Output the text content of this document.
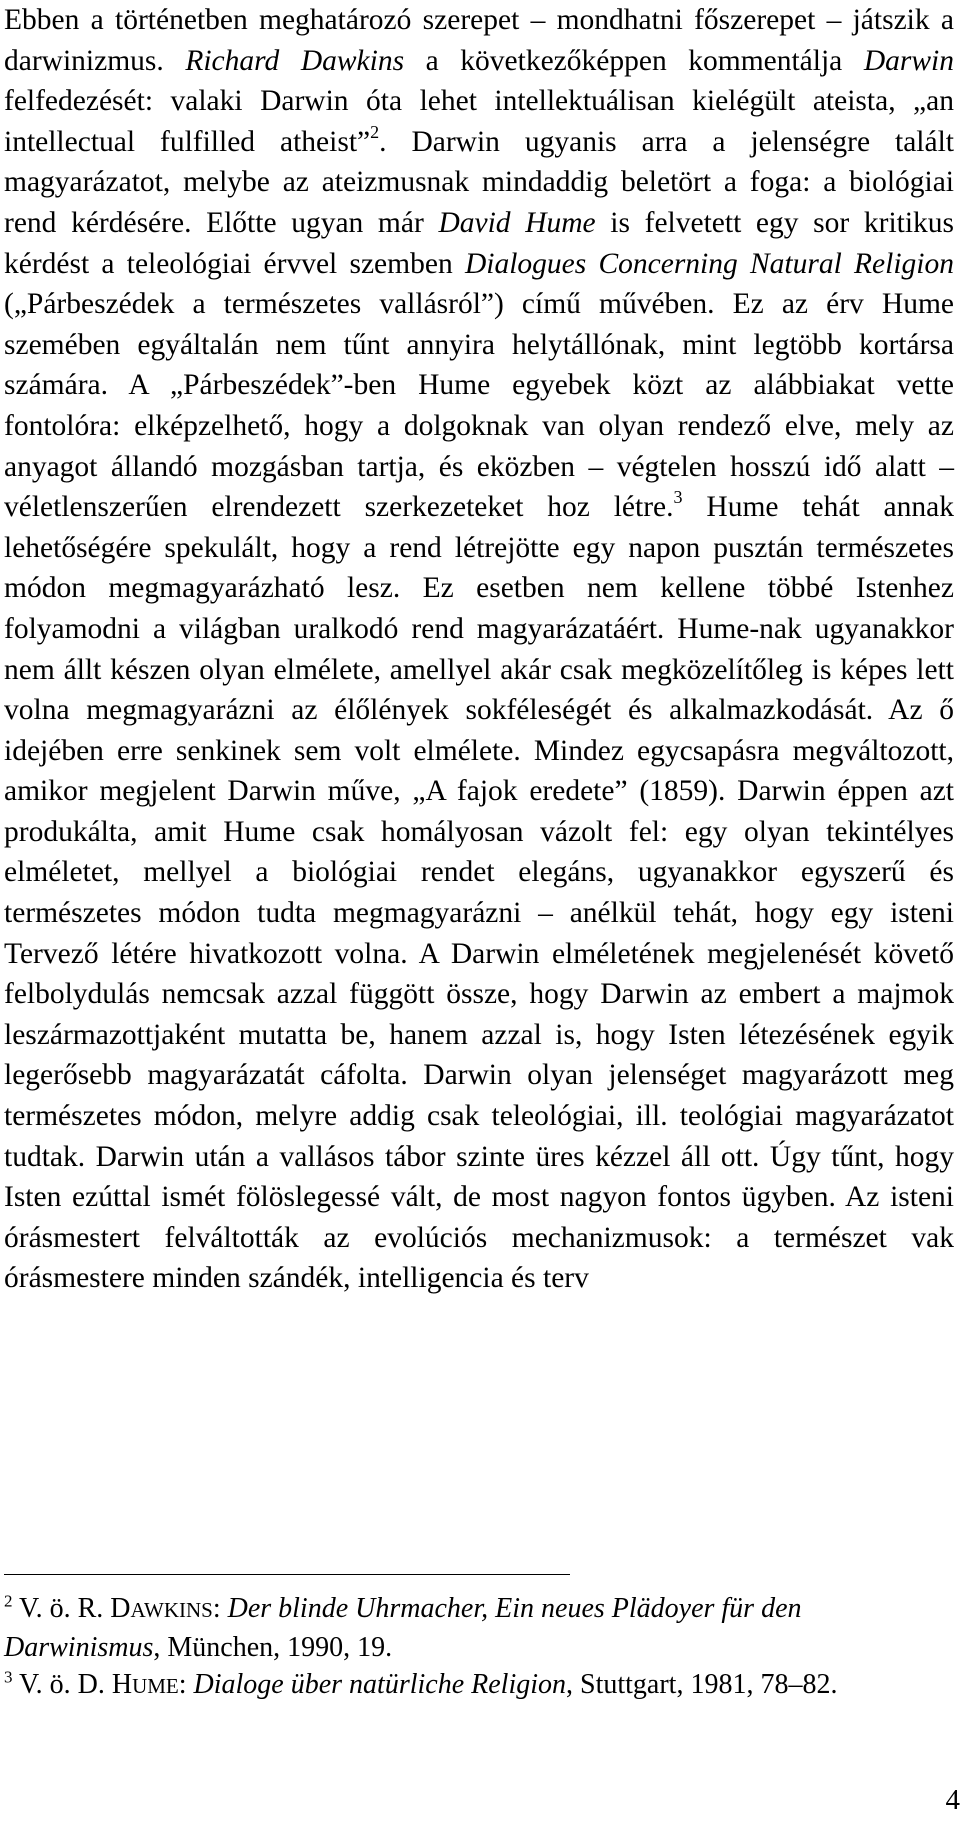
Ebben a történetben meghatározó szerepet – mondhatni főszerepet – játszik a darwinizmus. Richard Dawkins a következőképpen kommentálja Darwin felfedezését: valaki Darwin óta lehet intellektuálisan kielégült ateista, „an intellectual fulfilled atheist”$^2$. Darwin ugyanis arra a jelenségre talált magyarázatot, melybe az ateizmusnak mindaddig beletört a foga: a biológiai rend kérdésére. Előtte ugyan már David Hume is felvetett egy sor kritikus kérdést a teleológiai érvvel szemben Dialogues Concerning Natural Religion („Párbeszédek a természetes vallásról”) című művében. Ez az érv Hume szemében egyáltalán nem tűnt annyira helytállónak, mint legtöbb kortársa számára. A „Párbeszédek”-ben Hume egyebek közt az alábbiakat vette fontolóra: elképzelhető, hogy a dolgoknak van olyan rendező elve, mely az anyagot állandó mozgásban tartja, és eközben – végtelen hosszú idő alatt – véletlenszerűen elrendezett szerkezeteket hoz létre.$^3$ Hume tehát annak lehetőségére spekulált, hogy a rend létrejötte egy napon pusztán természetes módon megmagyarázható lesz. Ez esetben nem kellene többé Istenhez folyamodni a világban uralkodó rend magyarázatáért. Hume-nak ugyanakkor nem állt készen olyan elmélete, amellyel akár csak megközelítőleg is képes lett volna megmagyarázni az élőlények sokféleségét és alkalmazkodását. Az ő idejében erre senkinek sem volt elmélete. Mindez egycsapásra megváltozott, amikor megjelent Darwin műve, „A fajok eredete” (1859). Darwin éppen azt produkálta, amit Hume csak homályosan vázolt fel: egy olyan tekintélyes elméletet, mellyel a biológiai rendet elegáns, ugyanakkor egyszerű és természetes módon tudta megmagyarázni – anélkül tehát, hogy egy isteni Tervező létére hivatkozott volna. A Darwin elméletének megjelenését követő felbolydulás nemcsak azzal függött össze, hogy Darwin az embert a majmok leszármazottjaként mutatta be, hanem azzal is, hogy Isten létezésének egyik legerősebb magyarázatát cáfolta. Darwin olyan jelenséget magyarázott meg természetes módon, melyre addig csak teleológiai, ill. teológiai magyarázatot tudtak. Darwin után a vallásos tábor szinte üres kézzel áll ott. Úgy tűnt, hogy Isten ezúttal ismét fölöslegessé vált, de most nagyon fontos ügyben. Az isteni órásmestert felváltották az evolúciós mechanizmusok: a természet vak órásmestere minden szándék, intelligencia és terv

$^2$ V. ö. R. DAWKINS: Der blinde Uhrmacher, Ein neues Plädoyer für den Darwinismus, München, 1990, 19.

$^3$ V. ö. D. HUME: Dialoge über natürliche Religion, Stuttgart, 1981, 78–82.

4
